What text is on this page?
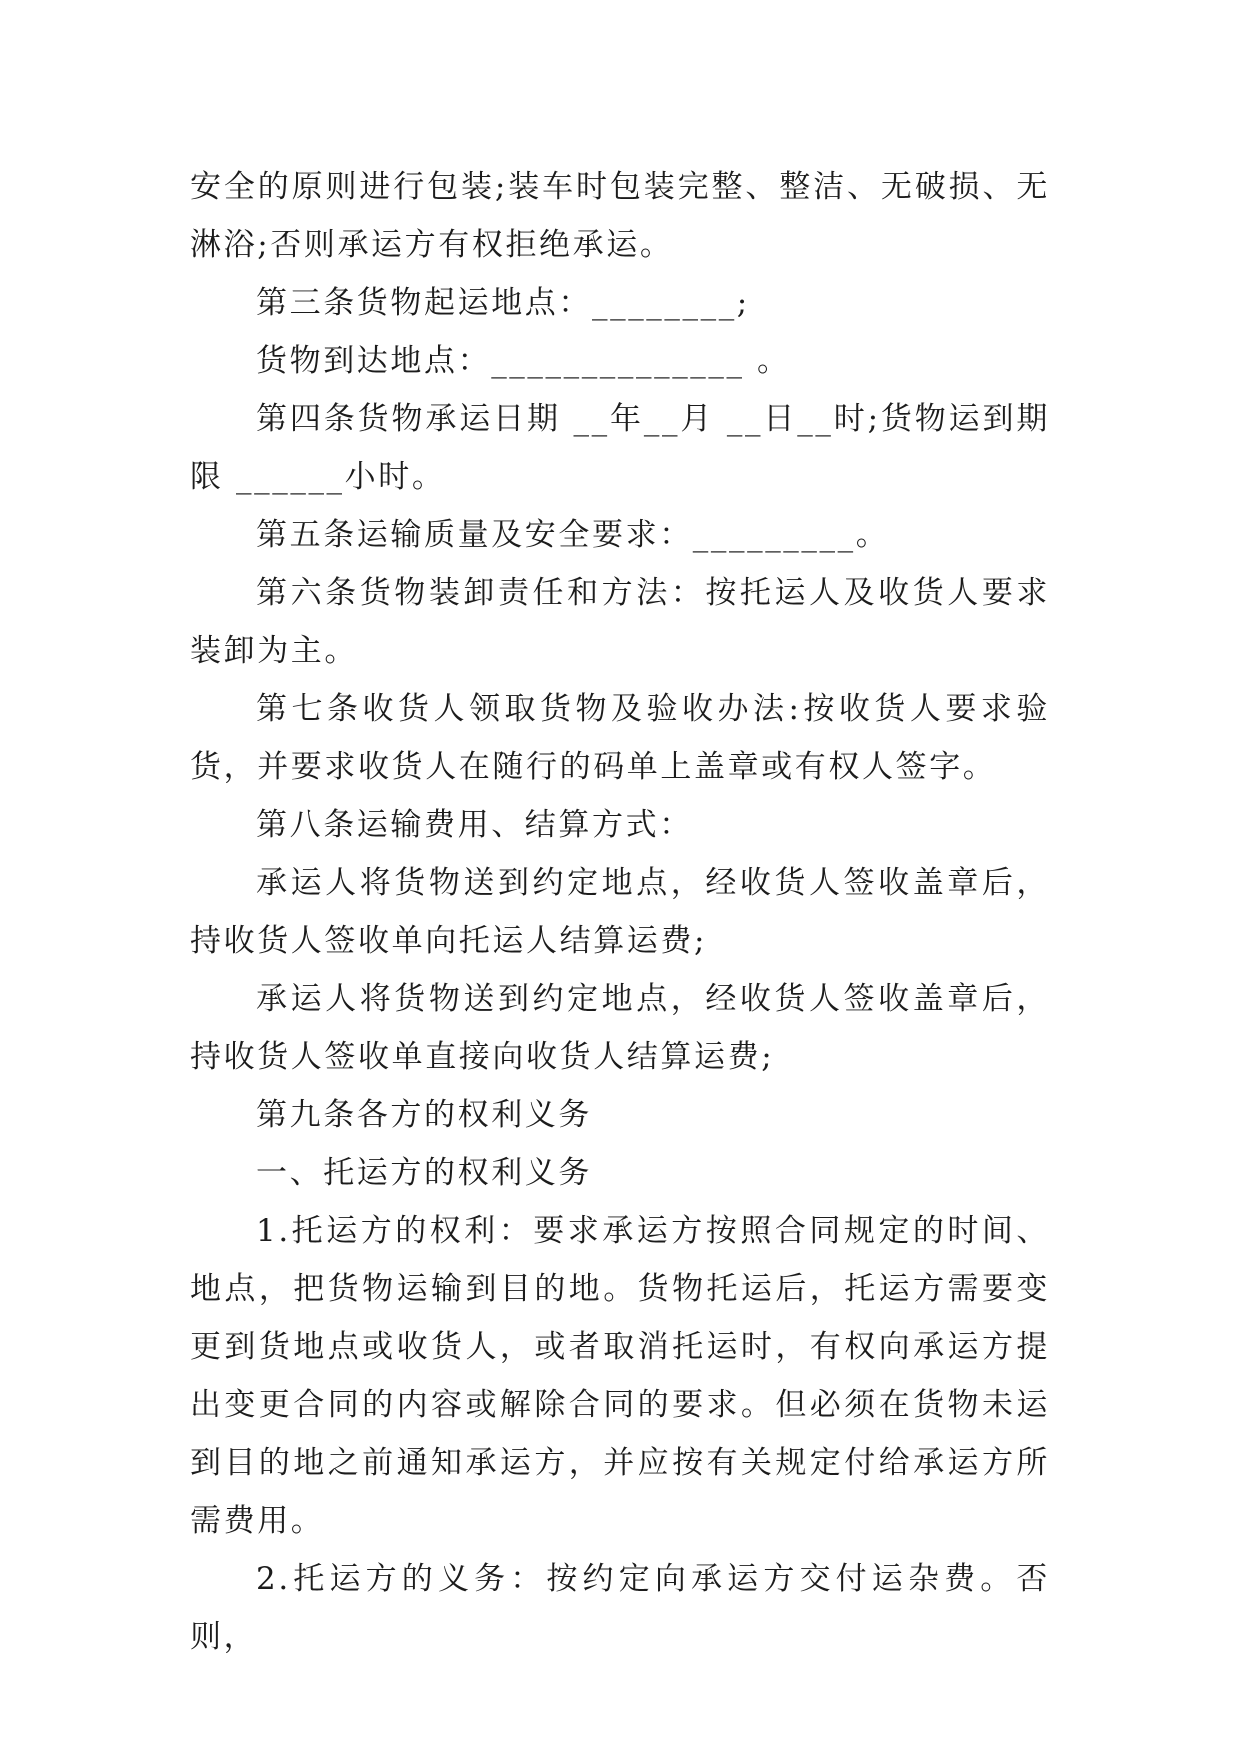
安全的原则进行包装;装车时包装完整、整洁、无破损、无淋浴;否则承运方有权拒绝承运。

第三条货物起运地点：________;

货物到达地点：______________ 。

第四条货物承运日期 __年__月 __日__时;货物运到期限 ______小时。

第五条运输质量及安全要求：_________。

第六条货物装卸责任和方法：按托运人及收货人要求装卸为主。

第七条收货人领取货物及验收办法:按收货人要求验货，并要求收货人在随行的码单上盖章或有权人签字。

第八条运输费用、结算方式：

承运人将货物送到约定地点，经收货人签收盖章后，持收货人签收单向托运人结算运费;

承运人将货物送到约定地点，经收货人签收盖章后，持收货人签收单直接向收货人结算运费;

第九条各方的权利义务

一、托运方的权利义务

1.托运方的权利：要求承运方按照合同规定的时间、地点，把货物运输到目的地。货物托运后，托运方需要变更到货地点或收货人，或者取消托运时，有权向承运方提出变更合同的内容或解除合同的要求。但必须在货物未运到目的地之前通知承运方，并应按有关规定付给承运方所需费用。

2.托运方的义务：按约定向承运方交付运杂费。否则，
